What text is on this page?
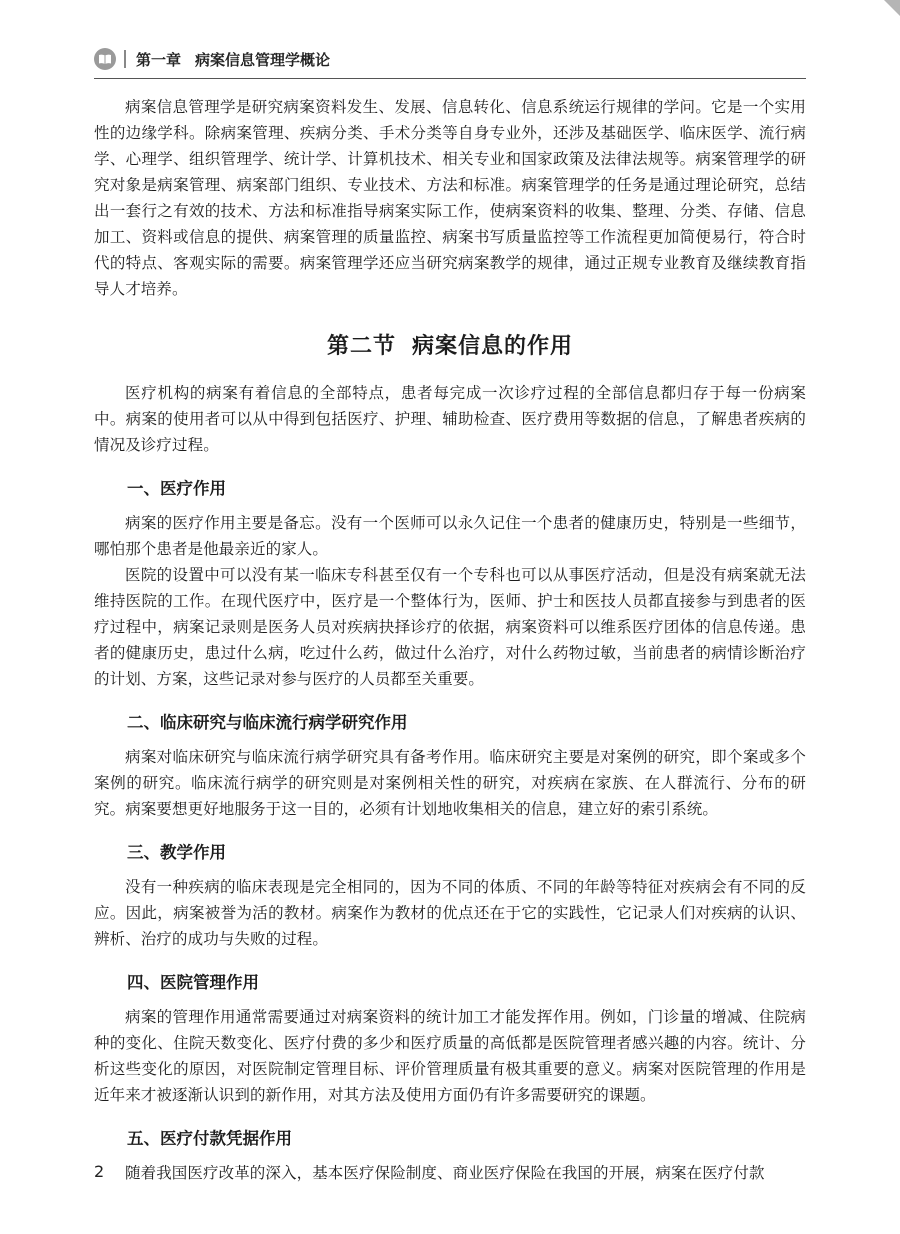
第一章 病案信息管理学概论

病案信息管理学是研究病案资料发生、发展、信息转化、信息系统运行规律的学问。它是一个实用性的边缘学科。除病案管理、疾病分类、手术分类等自身专业外，还涉及基础医学、临床医学、流行病学、心理学、组织管理学、统计学、计算机技术、相关专业和国家政策及法律法规等。病案管理学的研究对象是病案管理、病案部门组织、专业技术、方法和标准。病案管理学的任务是通过理论研究，总结出一套行之有效的技术、方法和标准指导病案实际工作，使病案资料的收集、整理、分类、存储、信息加工、资料或信息的提供、病案管理的质量监控、病案书写质量监控等工作流程更加简便易行，符合时代的特点、客观实际的需要。病案管理学还应当研究病案教学的规律，通过正规专业教育及继续教育指导人才培养。

第二节 病案信息的作用

医疗机构的病案有着信息的全部特点，患者每完成一次诊疗过程的全部信息都归存于每一份病案中。病案的使用者可以从中得到包括医疗、护理、辅助检查、医疗费用等数据的信息，了解患者疾病的情况及诊疗过程。

一、医疗作用

病案的医疗作用主要是备忘。没有一个医师可以永久记住一个患者的健康历史，特别是一些细节，哪怕那个患者是他最亲近的家人。

医院的设置中可以没有某一临床专科甚至仅有一个专科也可以从事医疗活动，但是没有病案就无法维持医院的工作。在现代医疗中，医疗是一个整体行为，医师、护士和医技人员都直接参与到患者的医疗过程中，病案记录则是医务人员对疾病抉择诊疗的依据，病案资料可以维系医疗团体的信息传递。患者的健康历史，患过什么病，吃过什么药，做过什么治疗，对什么药物过敏，当前患者的病情诊断治疗的计划、方案，这些记录对参与医疗的人员都至关重要。

二、临床研究与临床流行病学研究作用

病案对临床研究与临床流行病学研究具有备考作用。临床研究主要是对案例的研究，即个案或多个案例的研究。临床流行病学的研究则是对案例相关性的研究，对疾病在家族、在人群流行、分布的研究。病案要想更好地服务于这一目的，必须有计划地收集相关的信息，建立好的索引系统。

三、教学作用

没有一种疾病的临床表现是完全相同的，因为不同的体质、不同的年龄等特征对疾病会有不同的反应。因此，病案被誉为活的教材。病案作为教材的优点还在于它的实践性，它记录人们对疾病的认识、辨析、治疗的成功与失败的过程。

四、医院管理作用

病案的管理作用通常需要通过对病案资料的统计加工才能发挥作用。例如，门诊量的增减、住院病种的变化、住院天数变化、医疗付费的多少和医疗质量的高低都是医院管理者感兴趣的内容。统计、分析这些变化的原因，对医院制定管理目标、评价管理质量有极其重要的意义。病案对医院管理的作用是近年来才被逐渐认识到的新作用，对其方法及使用方面仍有许多需要研究的课题。

五、医疗付款凭据作用

随着我国医疗改革的深入，基本医疗保险制度、商业医疗保险在我国的开展，病案在医疗付款

2
